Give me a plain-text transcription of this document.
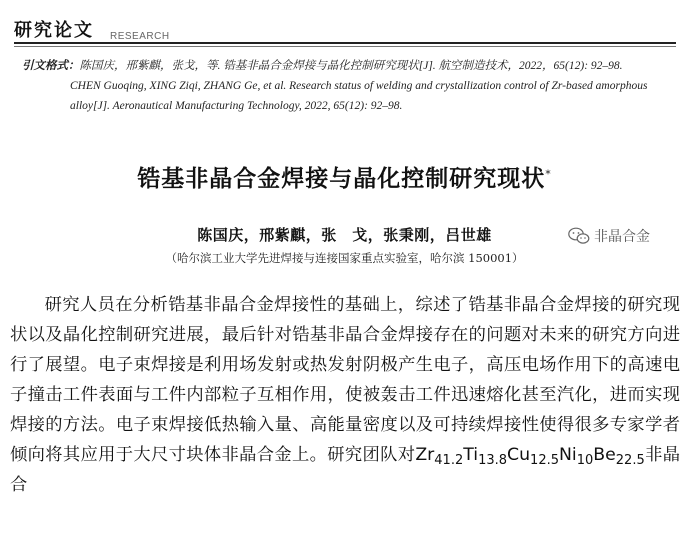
研究论文 RESEARCH
引文格式：陈国庆，邢紫麒，张戈，等. 锆基非晶合金焊接与晶化控制研究现状[J]. 航空制造技术，2022，65(12): 92–98.
CHEN Guoqing, XING Ziqi, ZHANG Ge, et al. Research status of welding and crystallization control of Zr-based amorphous
alloy[J]. Aeronautical Manufacturing Technology, 2022, 65(12): 92–98.
锆基非晶合金焊接与晶化控制研究现状*
陈国庆，邢紫麒，张　戈，张秉刚，吕世雄
（哈尔滨工业大学先进焊接与连接国家重点实验室，哈尔滨 150001）
非晶合金

研究人员在分析锆基非晶合金焊接性的基础上，综述了锆基非晶合金焊接的研究现状以及晶化控制研究进展，最后针对锆基非晶合金焊接存在的问题对未来的研究方向进行了展望。电子束焊接是利用场发射或热发射阴极产生电子，高压电场作用下的高速电子撞击工件表面与工件内部粒子互相作用，使被轰击工件迅速熔化甚至汽化，进而实现焊接的方法。电子束焊接低热输入量、高能量密度以及可持续焊接性使得很多专家学者倾向将其应用于大尺寸块体非晶合金上。研究团队对$Zr_{41.2}Ti_{13.8}Cu_{12.5}Ni_{10}Be_{22.5}$非晶合
